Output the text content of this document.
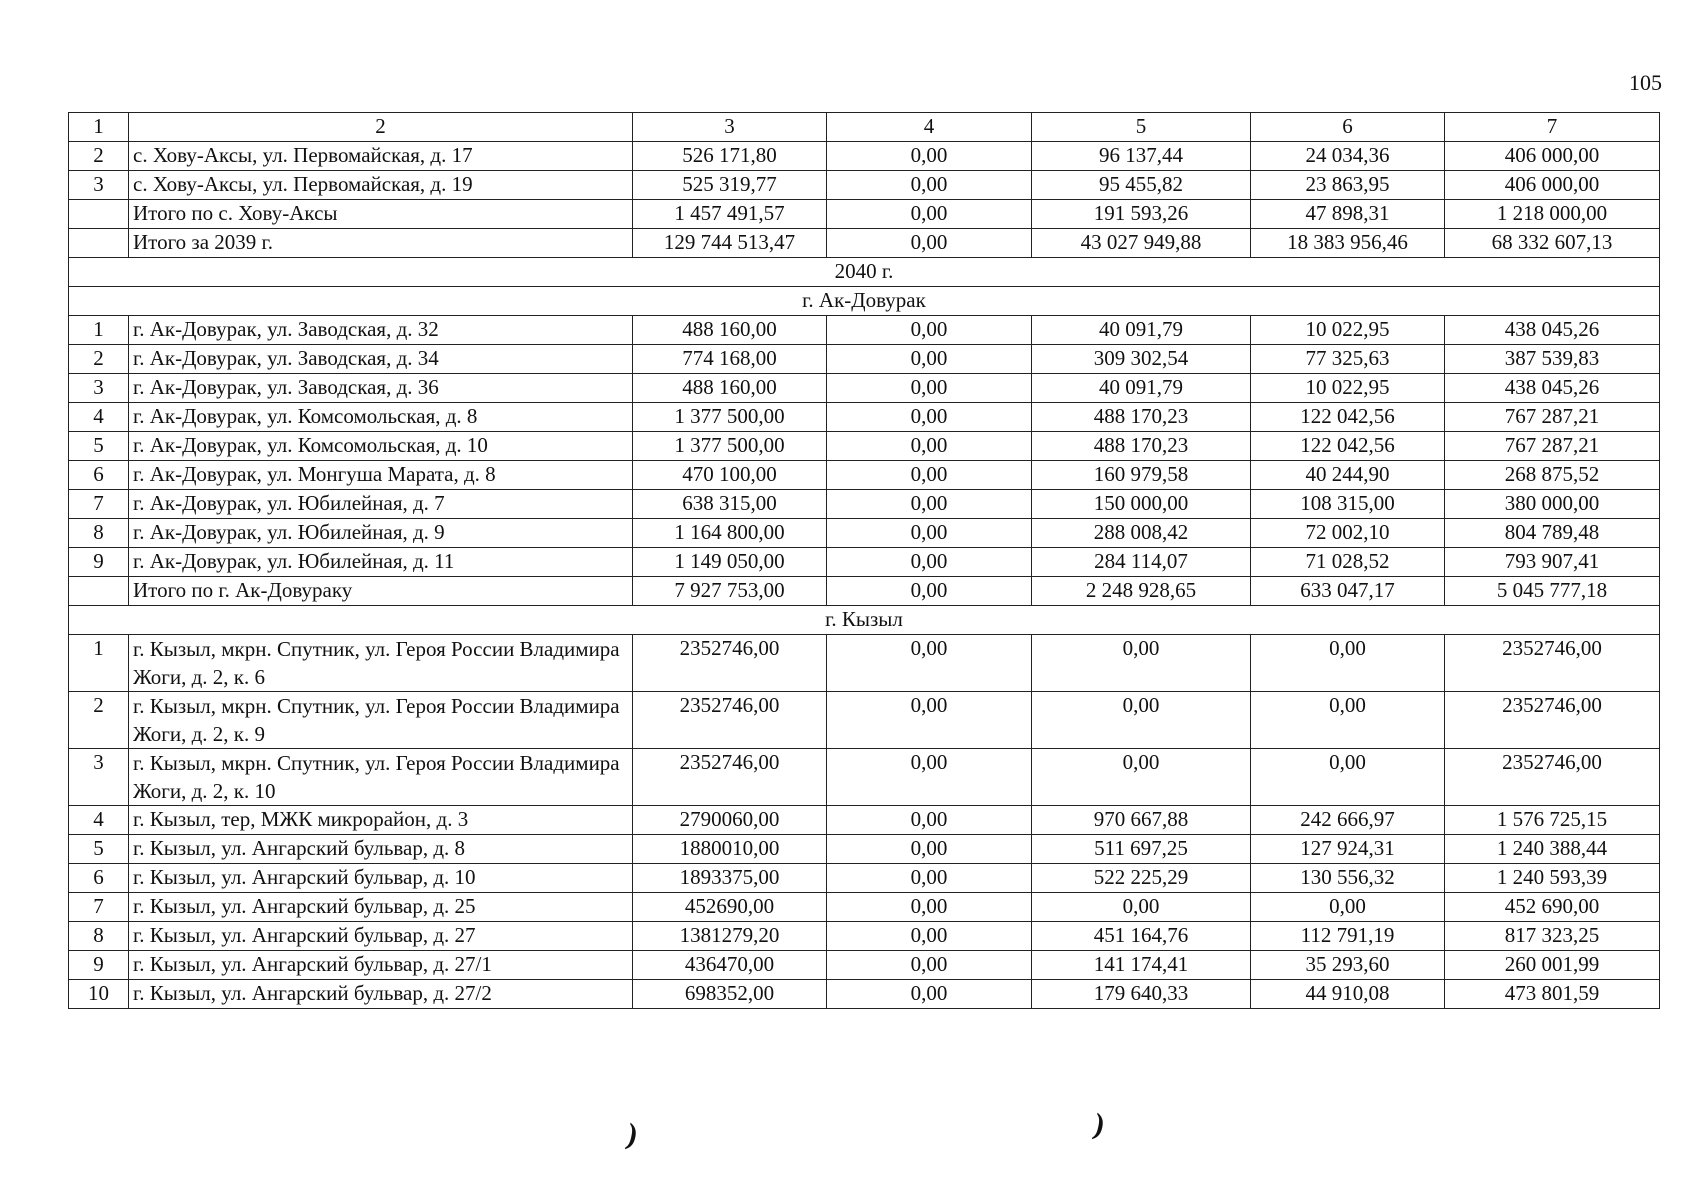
105
1	2	3	4	5	6	7
2	с. Хову-Аксы, ул. Первомайская, д. 17	526 171,80	0,00	96 137,44	24 034,36	406 000,00
3	с. Хову-Аксы, ул. Первомайская, д. 19	525 319,77	0,00	95 455,82	23 863,95	406 000,00
	Итого по с. Хову-Аксы	1 457 491,57	0,00	191 593,26	47 898,31	1 218 000,00
	Итого за 2039 г.	129 744 513,47	0,00	43 027 949,88	18 383 956,46	68 332 607,13
2040 г.						
г. Ак-Довурак						
1	г. Ак-Довурак, ул. Заводская, д. 32	488 160,00	0,00	40 091,79	10 022,95	438 045,26
2	г. Ак-Довурак, ул. Заводская, д. 34	774 168,00	0,00	309 302,54	77 325,63	387 539,83
3	г. Ак-Довурак, ул. Заводская, д. 36	488 160,00	0,00	40 091,79	10 022,95	438 045,26
4	г. Ак-Довурак, ул. Комсомольская, д. 8	1 377 500,00	0,00	488 170,23	122 042,56	767 287,21
5	г. Ак-Довурак, ул. Комсомольская, д. 10	1 377 500,00	0,00	488 170,23	122 042,56	767 287,21
6	г. Ак-Довурак, ул. Монгуша Марата, д. 8	470 100,00	0,00	160 979,58	40 244,90	268 875,52
7	г. Ак-Довурак, ул. Юбилейная, д. 7	638 315,00	0,00	150 000,00	108 315,00	380 000,00
8	г. Ак-Довурак, ул. Юбилейная, д. 9	1 164 800,00	0,00	288 008,42	72 002,10	804 789,48
9	г. Ак-Довурак, ул. Юбилейная, д. 11	1 149 050,00	0,00	284 114,07	71 028,52	793 907,41
	Итого по г. Ак-Довураку	7 927 753,00	0,00	2 248 928,65	633 047,17	5 045 777,18
г. Кызыл						
1	г. Кызыл, мкрн. Спутник, ул. Героя России Владимира Жоги, д. 2, к. 6	2352746,00	0,00	0,00	0,00	2352746,00
2	г. Кызыл, мкрн. Спутник, ул. Героя России Владимира Жоги, д. 2, к. 9	2352746,00	0,00	0,00	0,00	2352746,00
3	г. Кызыл, мкрн. Спутник, ул. Героя России Владимира Жоги, д. 2, к. 10	2352746,00	0,00	0,00	0,00	2352746,00
4	г. Кызыл, тер, МЖК микрорайон, д. 3	2790060,00	0,00	970 667,88	242 666,97	1 576 725,15
5	г. Кызыл, ул. Ангарский бульвар, д. 8	1880010,00	0,00	511 697,25	127 924,31	1 240 388,44
6	г. Кызыл, ул. Ангарский бульвар, д. 10	1893375,00	0,00	522 225,29	130 556,32	1 240 593,39
7	г. Кызыл, ул. Ангарский бульвар, д. 25	452690,00	0,00	0,00	0,00	452 690,00
8	г. Кызыл, ул. Ангарский бульвар, д. 27	1381279,20	0,00	451 164,76	112 791,19	817 323,25
9	г. Кызыл, ул. Ангарский бульвар, д. 27/1	436470,00	0,00	141 174,41	35 293,60	260 001,99
10	г. Кызыл, ул. Ангарский бульвар, д. 27/2	698352,00	0,00	179 640,33	44 910,08	473 801,59
)	)
